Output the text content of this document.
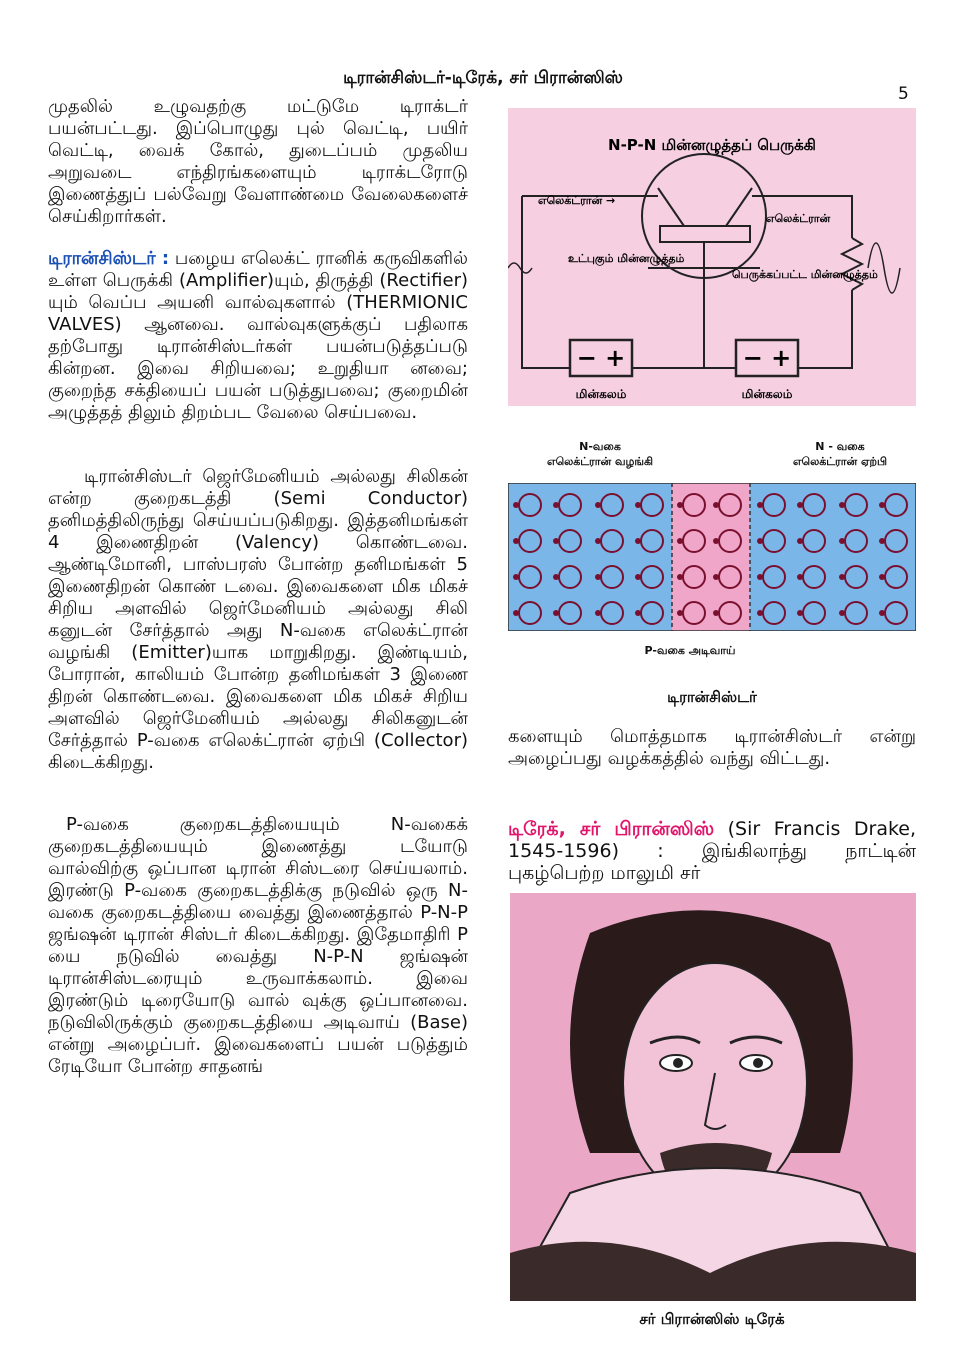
டிரான்சிஸ்டர்-டிரேக், சர் பிரான்ஸிஸ்
5

முதலில் உழுவதற்கு மட்டுமே டிராக்டர் பயன்பட்டது. இப்பொழுது புல் வெட்டி, பயிர் வெட்டி, வைக் கோல், துடைப்பம் முதலிய அறுவடை எந்திரங்களையும் டிராக்டரோடு இணைத்துப் பல்வேறு வேளாண்மை வேலைகளைச் செய்கிறார்கள்.

டிரான்சிஸ்டர் : பழைய எலெக்ட் ரானிக் கருவிகளில் உள்ள பெருக்கி (Amplifier)யும், திருத்தி (Rectifier) யும் வெப்ப அயனி வால்வுகளால் (THERMIONIC VALVES) ஆனவை. வால்வுகளுக்குப் பதிலாக தற்போது டிரான்சிஸ்டர்கள் பயன்படுத்தப்படு கின்றன. இவை சிறியவை; உறுதியா னவை; குறைந்த சக்தியைப் பயன் படுத்துபவை; குறைமின் அழுத்தத் திலும் திறம்பட வேலை செய்பவை.

டிரான்சிஸ்டர் ஜெர்மேனியம் அல்லது சிலிகன் என்ற குறைகடத்தி (Semi Conductor) தனிமத்திலிருந்து செய்யப்படுகிறது. இத்தனிமங்கள் 4 இணைதிறன் (Valency) கொண்டவை. ஆண்டிமோனி, பாஸ்பரஸ் போன்ற தனிமங்கள் 5 இணைதிறன் கொண் டவை. இவைகளை மிக மிகச் சிறிய அளவில் ஜெர்மேனியம் அல்லது சிலி கனுடன் சேர்த்தால் அது N-வகை எலெக்ட்ரான் வழங்கி (Emitter)யாக மாறுகிறது. இண்டியம், போரான், காலியம் போன்ற தனிமங்கள் 3 இணை திறன் கொண்டவை. இவைகளை மிக மிகச் சிறிய அளவில் ஜெர்மேனியம் அல்லது சிலிகனுடன் சேர்த்தால் P-வகை எலெக்ட்ரான் ஏற்பி (Collector) கிடைக்கிறது.

P-வகை குறைகடத்தியையும் N-வகைக் குறைகடத்தியையும் இணைத்து டயோடு வால்விற்கு ஒப்பான டிரான் சிஸ்டரை செய்யலாம். இரண்டு P-வகை குறைகடத்திக்கு நடுவில் ஒரு N-வகை குறைகடத்தியை வைத்து இணைத்தால் P-N-P ஜங்ஷன் டிரான் சிஸ்டர் கிடைக்கிறது. இதேமாதிரி P யை நடுவில் வைத்து N-P-N ஜங்ஷன் டிரான்சிஸ்டரையும் உருவாக்கலாம். இவை இரண்டும் டிரையோடு வால் வுக்கு ஒப்பானவை. நடுவிலிருக்கும் குறைகடத்தியை அடிவாய் (Base) என்று அழைப்பர். இவைகளைப் பயன் படுத்தும் ரேடியோ போன்ற சாதனங்

N-P-N மின்னழுத்தப் பெருக்கி
− +	− +
எலெக்ட்ரான் →
எலெக்ட்ரான்
உட்புகும் மின்னழுத்தம்
பெருக்கப்பட்ட மின்னழுத்தம்
மின்கலம்	மின்கலம்
N-வகை
எலெக்ட்ரான் வழங்கி
N - வகை
எலெக்ட்ரான் ஏற்பி
P-வகை அடிவாய்
டிரான்சிஸ்டர்

களையும் மொத்தமாக டிரான்சிஸ்டர் என்று அழைப்பது வழக்கத்தில் வந்து விட்டது.

டிரேக், சர் பிரான்ஸிஸ் (Sir Francis Drake, 1545-1596) : இங்கிலாந்து நாட்டின் புகழ்பெற்ற மாலுமி சர்

சர் பிரான்ஸிஸ் டிரேக்
